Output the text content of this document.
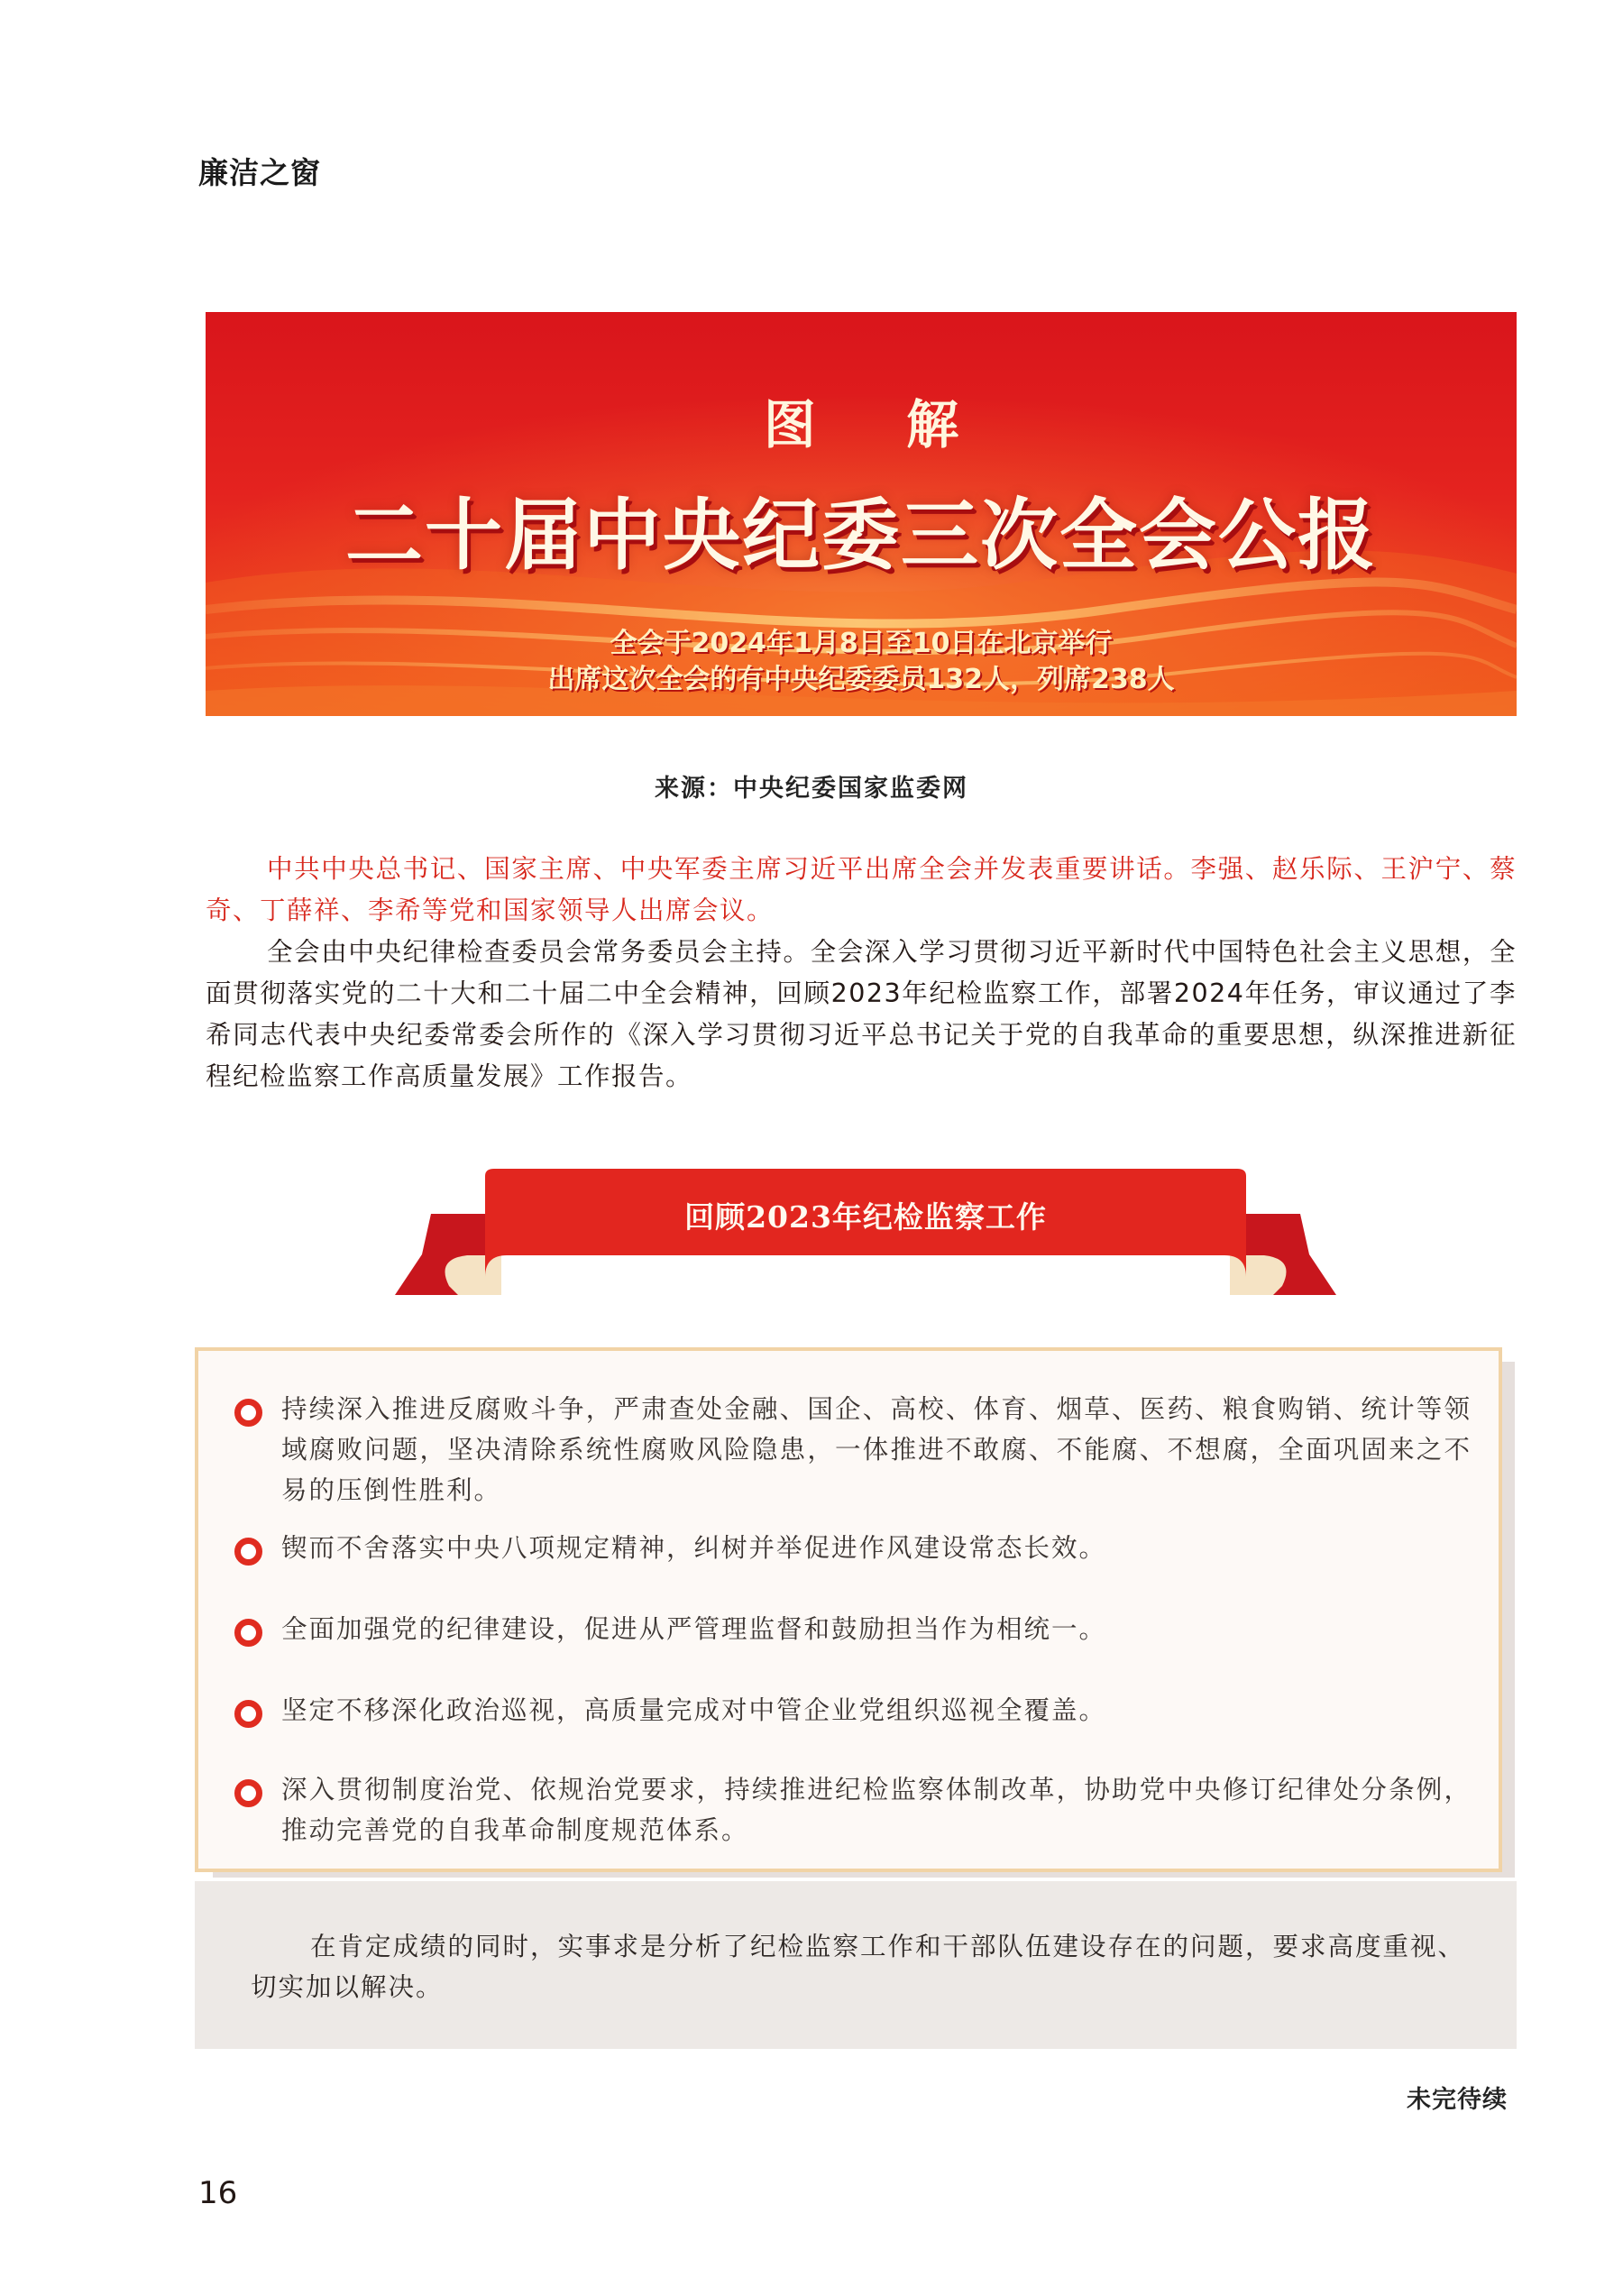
廉洁之窗
图 解
二十届中央纪委三次全会公报
全会于2024年1月8日至10日在北京举行
出席这次全会的有中央纪委委员132人，列席238人
来源：中央纪委国家监委网
中共中央总书记、国家主席、中央军委主席习近平出席全会并发表重要讲话。李强、赵乐际、王沪宁、蔡奇、丁薛祥、李希等党和国家领导人出席会议。
全会由中央纪律检查委员会常务委员会主持。全会深入学习贯彻习近平新时代中国特色社会主义思想，全面贯彻落实党的二十大和二十届二中全会精神，回顾2023年纪检监察工作，部署2024年任务，审议通过了李希同志代表中央纪委常委会所作的《深入学习贯彻习近平总书记关于党的自我革命的重要思想，纵深推进新征程纪检监察工作高质量发展》工作报告。
回顾2023年纪检监察工作
持续深入推进反腐败斗争，严肃查处金融、国企、高校、体育、烟草、医药、粮食购销、统计等领域腐败问题，坚决清除系统性腐败风险隐患，一体推进不敢腐、不能腐、不想腐，全面巩固来之不易的压倒性胜利。
锲而不舍落实中央八项规定精神，纠树并举促进作风建设常态长效。
全面加强党的纪律建设，促进从严管理监督和鼓励担当作为相统一。
坚定不移深化政治巡视，高质量完成对中管企业党组织巡视全覆盖。
深入贯彻制度治党、依规治党要求，持续推进纪检监察体制改革，协助党中央修订纪律处分条例，推动完善党的自我革命制度规范体系。
在肯定成绩的同时，实事求是分析了纪检监察工作和干部队伍建设存在的问题，要求高度重视、切实加以解决。
未完待续
16
